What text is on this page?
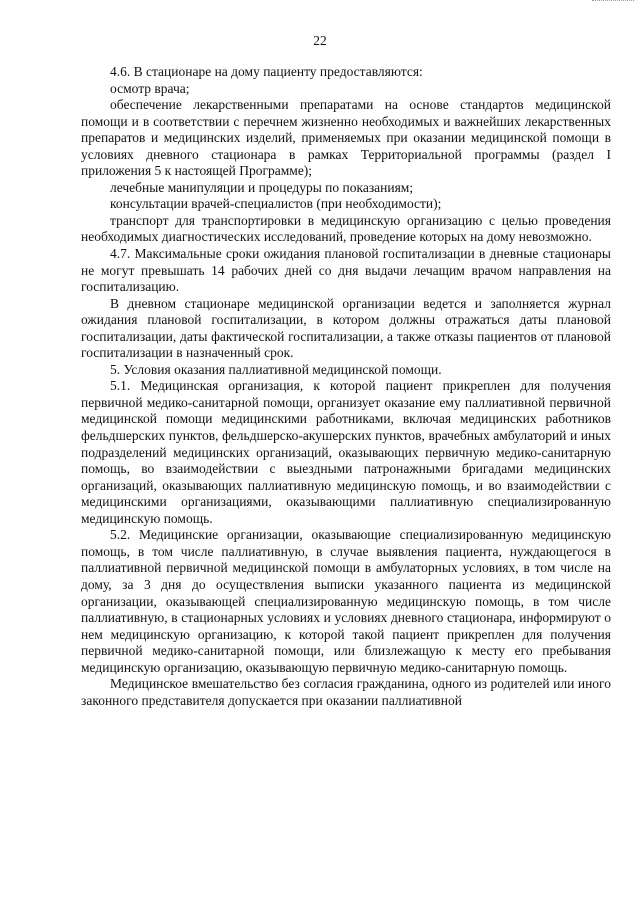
22

4.6. В стационаре на дому пациенту предоставляются:

осмотр врача;

обеспечение лекарственными препаратами на основе стандартов медицинской помощи и в соответствии с перечнем жизненно необходимых и важнейших лекарственных препаратов и медицинских изделий, применяемых при оказании медицинской помощи в условиях дневного стационара в рамках Территориальной программы (раздел I приложения 5 к настоящей Программе);

лечебные манипуляции и процедуры по показаниям;

консультации врачей-специалистов (при необходимости);

транспорт для транспортировки в медицинскую организацию с целью проведения необходимых диагностических исследований, проведение которых на дому невозможно.

4.7. Максимальные сроки ожидания плановой госпитализации в дневные стационары не могут превышать 14 рабочих дней со дня выдачи лечащим врачом направления на госпитализацию.

В дневном стационаре медицинской организации ведется и заполняется журнал ожидания плановой госпитализации, в котором должны отражаться даты плановой госпитализации, даты фактической госпитализации, а также отказы пациентов от плановой госпитализации в назначенный срок.

5. Условия оказания паллиативной медицинской помощи.

5.1. Медицинская организация, к которой пациент прикреплен для получения первичной медико-санитарной помощи, организует оказание ему паллиативной первичной медицинской помощи медицинскими работниками, включая медицинских работников фельдшерских пунктов, фельдшерско-акушерских пунктов, врачебных амбулаторий и иных подразделений медицинских организаций, оказывающих первичную медико-санитарную помощь, во взаимодействии с выездными патронажными бригадами медицинских организаций, оказывающих паллиативную медицинскую помощь, и во взаимодействии с медицинскими организациями, оказывающими паллиативную специализированную медицинскую помощь.

5.2. Медицинские организации, оказывающие специализированную медицинскую помощь, в том числе паллиативную, в случае выявления пациента, нуждающегося в паллиативной первичной медицинской помощи в амбулаторных условиях, в том числе на дому, за 3 дня до осуществления выписки указанного пациента из медицинской организации, оказывающей специализированную медицинскую помощь, в том числе паллиативную, в стационарных условиях и условиях дневного стационара, информируют о нем медицинскую организацию, к которой такой пациент прикреплен для получения первичной медико-санитарной помощи, или близлежащую к месту его пребывания медицинскую организацию, оказывающую первичную медико-санитарную помощь.

Медицинское вмешательство без согласия гражданина, одного из родителей или иного законного представителя допускается при оказании паллиативной
